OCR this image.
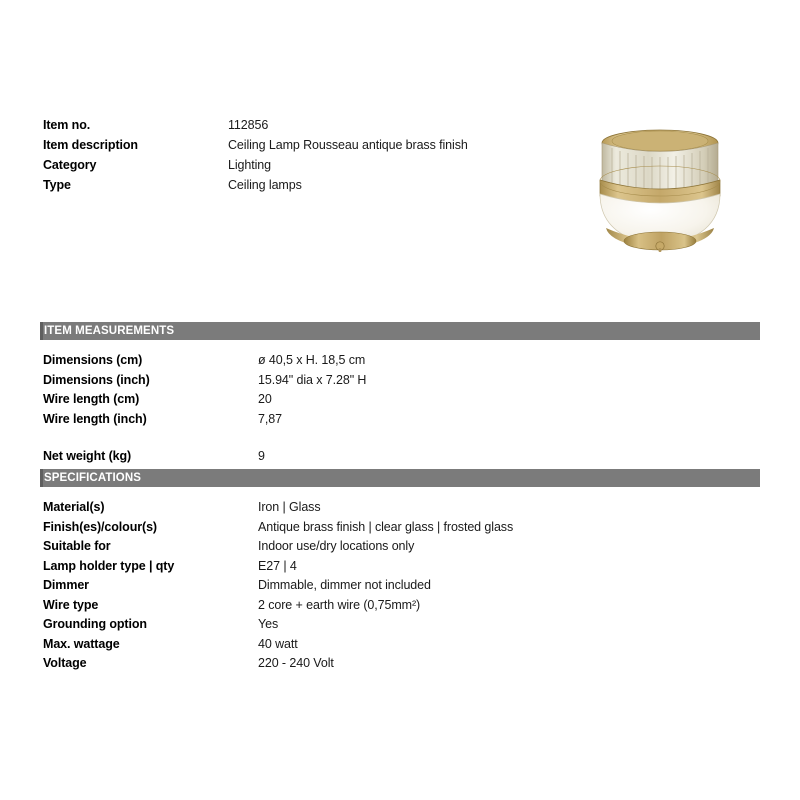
Item no.	112856
Item description	Ceiling Lamp Rousseau antique brass finish
Category	Lighting
Type	Ceiling lamps
ITEM MEASUREMENTS
Dimensions (cm)	ø 40,5 x H. 18,5 cm
Dimensions (inch)	15.94" dia x 7.28" H
Wire length (cm)	20
Wire length (inch)	7,87
Net weight (kg)	9
SPECIFICATIONS
Material(s)	Iron | Glass
Finish(es)/colour(s)	Antique brass finish | clear glass | frosted glass
Suitable for	Indoor use/dry locations only
Lamp holder type | qty	E27 | 4
Dimmer	Dimmable, dimmer not included
Wire type	2 core + earth wire (0,75mm²)
Grounding option	Yes
Max. wattage	40 watt
Voltage	220 - 240 Volt
